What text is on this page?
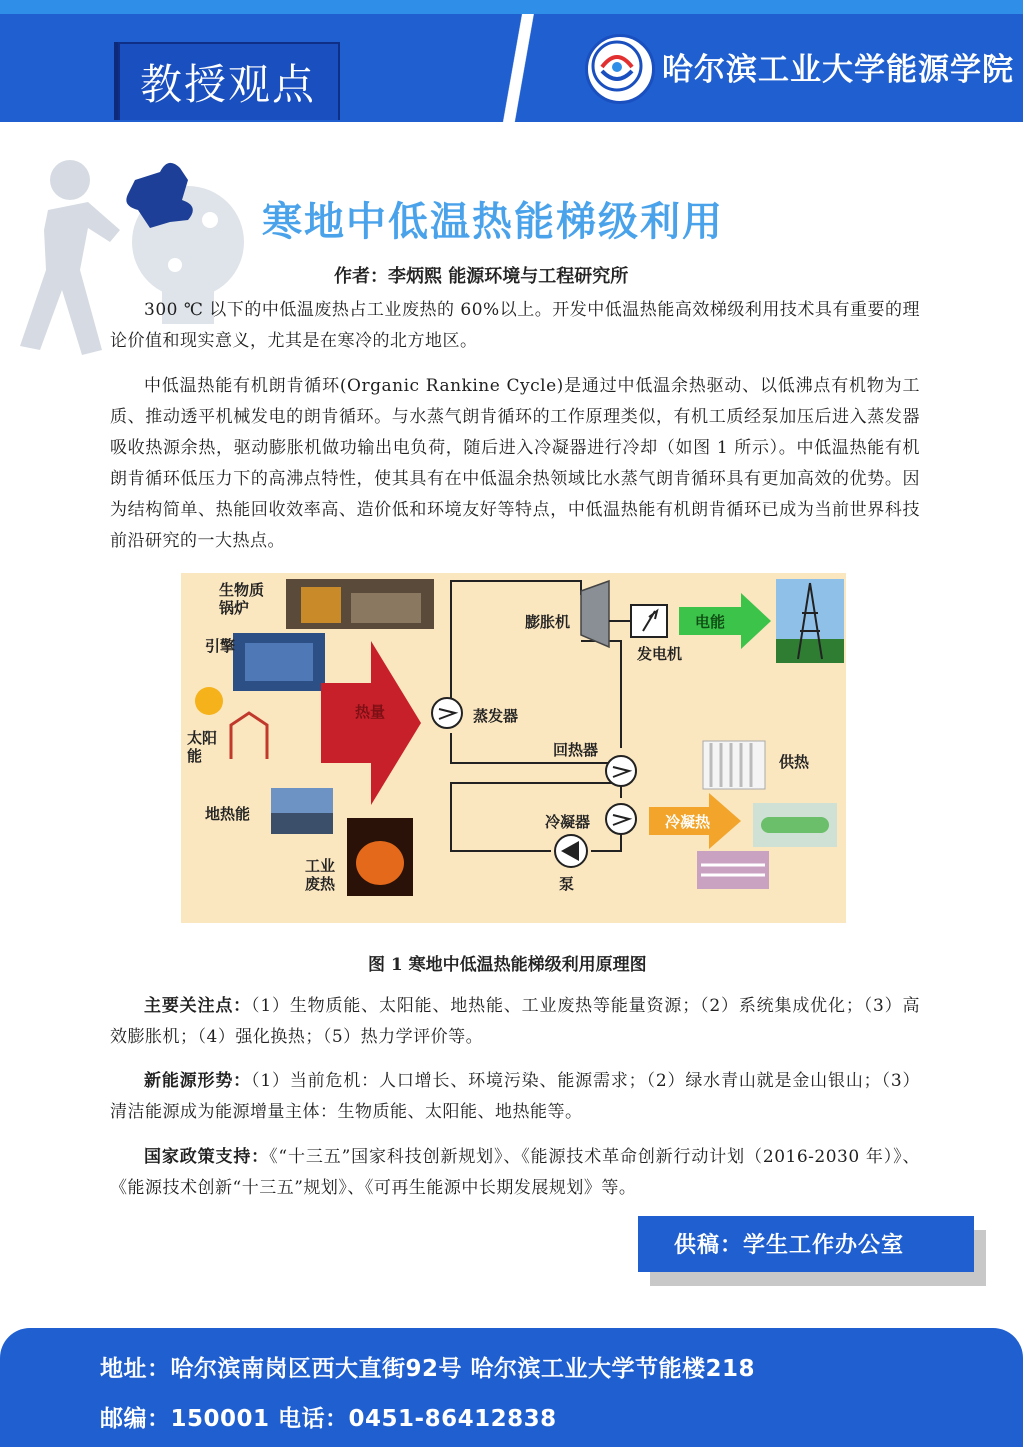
教授观点	哈尔滨工业大学能源学院
寒地中低温热能梯级利用
作者：李炳熙 能源环境与工程研究所

300 ℃ 以下的中低温废热占工业废热的 60%以上。开发中低温热能高效梯级利用技术具有重要的理论价值和现实意义，尤其是在寒冷的北方地区。

中低温热能有机朗肯循环(Organic Rankine Cycle)是通过中低温余热驱动、以低沸点有机物为工质、推动透平机械发电的朗肯循环。与水蒸气朗肯循环的工作原理类似，有机工质经泵加压后进入蒸发器吸收热源余热，驱动膨胀机做功输出电负荷，随后进入冷凝器进行冷却（如图 1 所示）。中低温热能有机朗肯循环低压力下的高沸点特性，使其具有在中低温余热领域比水蒸气朗肯循环具有更加高效的优势。因为结构简单、热能回收效率高、造价低和环境友好等特点，中低温热能有机朗肯循环已成为当前世界科技前沿研究的一大热点。

生物质锅炉
引擎
太阳能
地热能
工业废热
热量
膨胀机
发电机
电能
蒸发器
回热器
冷凝器
泵
供热
冷凝热
图 1 寒地中低温热能梯级利用原理图

主要关注点：（1）生物质能、太阳能、地热能、工业废热等能量资源；（2）系统集成优化；（3）高效膨胀机；（4）强化换热；（5）热力学评价等。

新能源形势：（1）当前危机：人口增长、环境污染、能源需求；（2）绿水青山就是金山银山；（3）清洁能源成为能源增量主体：生物质能、太阳能、地热能等。

国家政策支持：《“十三五”国家科技创新规划》、《能源技术革命创新行动计划（2016-2030 年）》、《能源技术创新“十三五”规划》、《可再生能源中长期发展规划》等。

供稿：学生工作办公室
地址：哈尔滨南岗区西大直街92号 哈尔滨工业大学节能楼218
邮编：150001 电话：0451-86412838
